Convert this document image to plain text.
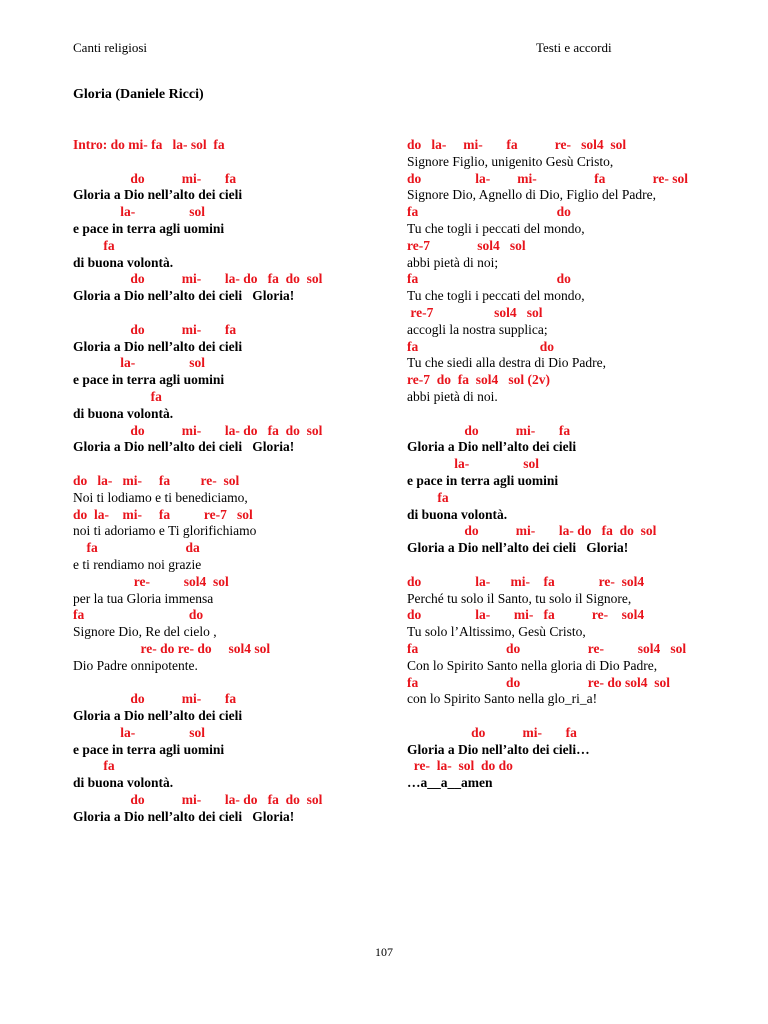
Canti religiosi	Testi e accordi
Gloria (Daniele Ricci)
Intro: do mi- fa   la- sol  fa
do           mi-       fa
Gloria a Dio nell’alto dei cieli
la-                sol
e pace in terra agli uomini
fa
di buona volontà.
do           mi-       la- do   fa  do  sol
Gloria a Dio nell’alto dei cieli   Gloria!
do           mi-       fa
Gloria a Dio nell’alto dei cieli
la-                sol
e pace in terra agli uomini
fa
di buona volontà.
do           mi-       la- do   fa  do  sol
Gloria a Dio nell’alto dei cieli   Gloria!
do   la-   mi-     fa         re-  sol
Noi ti lodiamo e ti benediciamo,
do  la-    mi-     fa          re-7   sol
noi ti adoriamo e Ti glorifichiamo
fa                          da
e ti rendiamo noi grazie
re-          sol4  sol
per la tua Gloria immensa
fa                               do
Signore Dio, Re del cielo ,
re- do re- do     sol4 sol
Dio Padre onnipotente.
do           mi-       fa
Gloria a Dio nell’alto dei cieli
la-                sol
e pace in terra agli uomini
fa
di buona volontà.
do           mi-       la- do   fa  do  sol
Gloria a Dio nell’alto dei cieli   Gloria!
do   la-     mi-       fa           re-   sol4  sol
Signore Figlio, unigenito Gesù Cristo,
do                la-        mi-                 fa              re- sol
Signore Dio, Agnello di Dio, Figlio del Padre,
fa                                         do
Tu che togli i peccati del mondo,
re-7              sol4   sol
abbi pietà di noi;
fa                                         do
Tu che togli i peccati del mondo,
re-7                  sol4   sol
accogli la nostra supplica;
fa                                    do
Tu che siedi alla destra di Dio Padre,
re-7  do  fa  sol4   sol (2v)
abbi pietà di noi.
do           mi-       fa
Gloria a Dio nell’alto dei cieli
la-                sol
e pace in terra agli uomini
fa
di buona volontà.
do           mi-       la- do   fa  do  sol
Gloria a Dio nell’alto dei cieli   Gloria!
do                la-      mi-    fa             re-  sol4
Perché tu solo il Santo, tu solo il Signore,
do                la-       mi-   fa           re-    sol4
Tu solo l’Altissimo, Gesù Cristo,
fa                          do                    re-          sol4   sol
Con lo Spirito Santo nella gloria di Dio Padre,
fa                          do                    re- do sol4  sol
con lo Spirito Santo nella glo_ri_a!
do           mi-       fa
Gloria a Dio nell’alto dei cieli…
re-  la-  sol  do do
…a__a__amen
107
